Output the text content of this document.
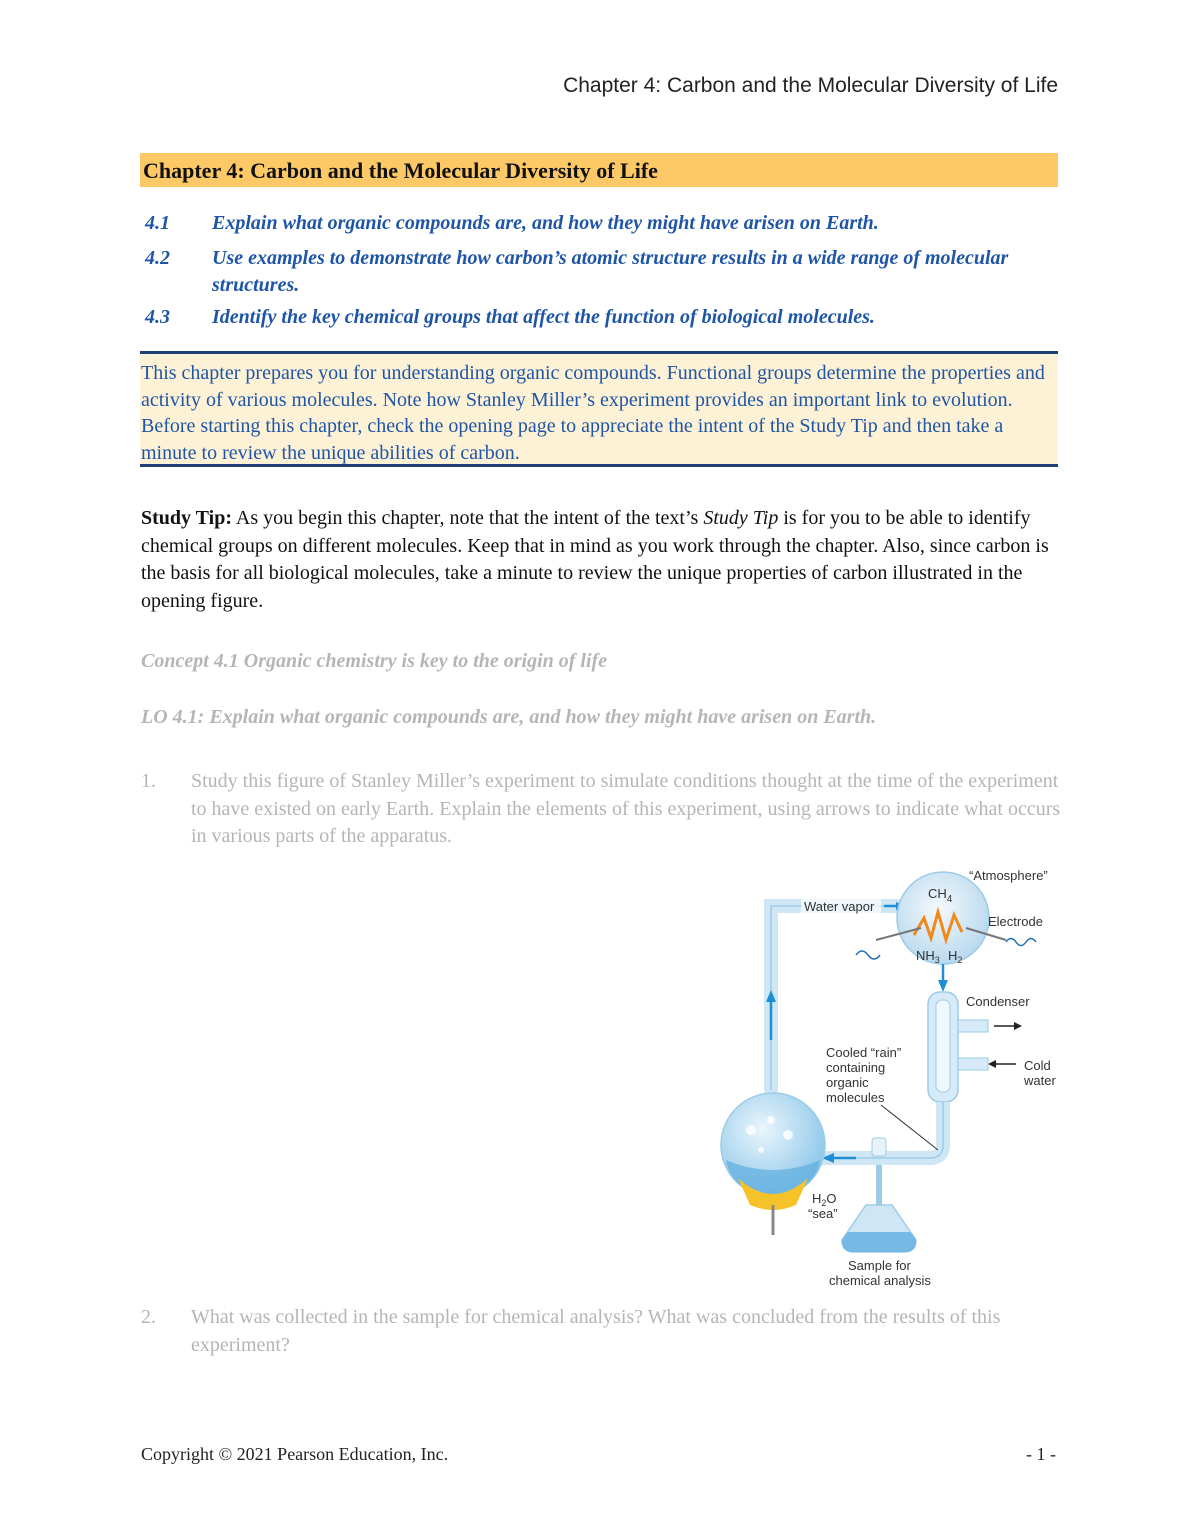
Chapter 4: Carbon and the Molecular Diversity of Life
Chapter 4: Carbon and the Molecular Diversity of Life
4.1 Explain what organic compounds are, and how they might have arisen on Earth.
4.2 Use examples to demonstrate how carbon’s atomic structure results in a wide range of molecular structures.
4.3 Identify the key chemical groups that affect the function of biological molecules.
This chapter prepares you for understanding organic compounds. Functional groups determine the properties and activity of various molecules. Note how Stanley Miller’s experiment provides an important link to evolution. Before starting this chapter, check the opening page to appreciate the intent of the Study Tip and then take a minute to review the unique abilities of carbon.
Study Tip: As you begin this chapter, note that the intent of the text’s Study Tip is for you to be able to identify chemical groups on different molecules. Keep that in mind as you work through the chapter. Also, since carbon is the basis for all biological molecules, take a minute to review the unique properties of carbon illustrated in the opening figure.
Concept 4.1 Organic chemistry is key to the origin of life
LO 4.1: Explain what organic compounds are, and how they might have arisen on Earth.
1. Study this figure of Stanley Miller’s experiment to simulate conditions thought at the time of the experiment to have existed on early Earth. Explain the elements of this experiment, using arrows to indicate what occurs in various parts of the apparatus.
Water vapor
“Atmosphere”
$CH_4$
$NH_3$ $H_2$
Electrode
Condenser
Cold
water
Cooled “rain”
containing
organic
molecules
$H_2O$
“sea”
Sample for
chemical analysis
2. What was collected in the sample for chemical analysis? What was concluded from the results of this experiment?
Copyright © 2021 Pearson Education, Inc.	- 1 -
